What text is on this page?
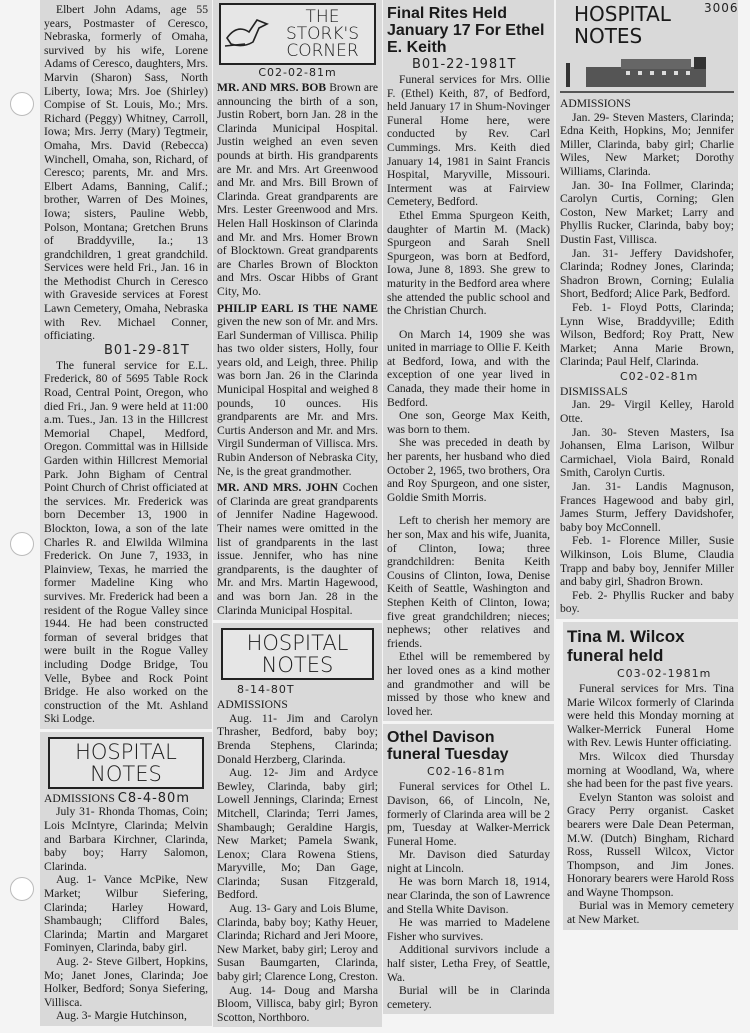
Elbert John Adams, age 55 years, Postmaster of Ceresco, Nebraska, formerly of Omaha, survived by his wife, Lorene Adams of Ceresco, daughters, Mrs. Marvin (Sharon) Sass, North Liberty, Iowa; Mrs. Joe (Shirley) Compise of St. Louis, Mo.; Mrs. Richard (Peggy) Whitney, Carroll, Iowa; Mrs. Jerry (Mary) Tegtmeir, Omaha, Mrs. David (Rebecca) Winchell, Omaha, son, Richard, of Ceresco; parents, Mr. and Mrs. Elbert Adams, Banning, Calif.; brother, Warren of Des Moines, Iowa; sisters, Pauline Webb, Polson, Montana; Gretchen Bruns of Braddyville, Ia.; 13 grandchildren, 1 great grandchild. Services were held Fri., Jan. 16 in the Methodist Church in Ceresco with Graveside services at Forest Lawn Cemetery, Omaha, Nebraska with Rev. Michael Conner, officiating.

B01-29-81T

The funeral service for E.L. Frederick, 80 of 5695 Table Rock Road, Central Point, Oregon, who died Fri., Jan. 9 were held at 11:00 a.m. Tues., Jan. 13 in the Hillcrest Memorial Chapel, Medford, Oregon. Committal was in Hillside Garden within Hillcrest Memorial Park. John Bigham of Central Point Church of Christ officiated at the services. Mr. Frederick was born December 13, 1900 in Blockton, Iowa, a son of the late Charles R. and Elwilda Wilmina Frederick. On June 7, 1933, in Plainview, Texas, he married the former Madeline King who survives. Mr. Frederick had been a resident of the Rogue Valley since 1944. He had been constructed forman of several bridges that were built in the Rogue Valley including Dodge Bridge, Tou Velle, Bybee and Rock Point Bridge. He also worked on the construction of the Mt. Ashland Ski Lodge.

HOSPITAL NOTES

ADMISSIONS C8-4-80m

July 31- Rhonda Thomas, Coin; Lois McIntyre, Clarinda; Melvin and Barbara Kirchner, Clarinda, baby boy; Harry Salomon, Clarinda.

Aug. 1- Vance McPike, New Market; Wilbur Siefering, Clarinda; Harley Howard, Shambaugh; Clifford Bales, Clarinda; Martin and Margaret Fominyen, Clarinda, baby girl.

Aug. 2- Steve Gilbert, Hopkins, Mo; Janet Jones, Clarinda; Joe Holker, Bedford; Sonya Siefering, Villisca.

Aug. 3- Margie Hutchinson,

THE STORK'S CORNER
C02-02-81m

MR. AND MRS. BOB Brown are announcing the birth of a son, Justin Robert, born Jan. 28 in the Clarinda Municipal Hospital. Justin weighed an even seven pounds at birth. His grandparents are Mr. and Mrs. Art Greenwood and Mr. and Mrs. Bill Brown of Clarinda. Great grandparents are Mrs. Lester Greenwood and Mrs. Helen Hall Hoskinson of Clarinda and Mr. and Mrs. Homer Brown of Blocktown. Great grandparents are Charles Brown of Blockton and Mrs. Oscar Hibbs of Grant City, Mo.

PHILIP EARL IS THE NAME given the new son of Mr. and Mrs. Earl Sunderman of Villisca. Philip has two older sisters, Holly, four years old, and Leigh, three. Philip was born Jan. 26 in the Clarinda Municipal Hospital and weighed 8 pounds, 10 ounces. His grandparents are Mr. and Mrs. Curtis Anderson and Mr. and Mrs. Virgil Sunderman of Villisca. Mrs. Rubin Anderson of Nebraska City, Ne, is the great grandmother.

MR. AND MRS. JOHN Cochen of Clarinda are great grandparents of Jennifer Nadine Hagewood. Their names were omitted in the list of grandparents in the last issue. Jennifer, who has nine grandparents, is the daughter of Mr. and Mrs. Martin Hagewood, and was born Jan. 28 in the Clarinda Municipal Hospital.

HOSPITAL NOTES
8-14-80T

ADMISSIONS

Aug. 11- Jim and Carolyn Thrasher, Bedford, baby boy; Brenda Stephens, Clarinda; Donald Herzberg, Clarinda.

Aug. 12- Jim and Ardyce Bewley, Clarinda, baby girl; Lowell Jennings, Clarinda; Ernest Mitchell, Clarinda; Terri James, Shambaugh; Geraldine Hargis, New Market; Pamela Swank, Lenox; Clara Rowena Stiens, Maryville, Mo; Dan Gage, Clarinda; Susan Fitzgerald, Bedford.

Aug. 13- Gary and Lois Blume, Clarinda, baby boy; Kathy Heuer, Clarinda; Richard and Jeri Moore, New Market, baby girl; Leroy and Susan Baumgarten, Clarinda, baby girl; Clarence Long, Creston.

Aug. 14- Doug and Marsha Bloom, Villisca, baby girl; Byron Scotton, Northboro.

Final Rites Held January 17 For Ethel E. Keith
B01-22-1981T

Funeral services for Mrs. Ollie F. (Ethel) Keith, 87, of Bedford, held January 17 in Shum-Novinger Funeral Home here, were conducted by Rev. Carl Cummings. Mrs. Keith died January 14, 1981 in Saint Francis Hospital, Maryville, Missouri. Interment was at Fairview Cemetery, Bedford.

Ethel Emma Spurgeon Keith, daughter of Martin M. (Mack) Spurgeon and Sarah Snell Spurgeon, was born at Bedford, Iowa, June 8, 1893. She grew to maturity in the Bedford area where she attended the public school and the Christian Church.

On March 14, 1909 she was united in marriage to Ollie F. Keith at Bedford, Iowa, and with the exception of one year lived in Canada, they made their home in Bedford.

One son, George Max Keith, was born to them.

She was preceded in death by her parents, her husband who died October 2, 1965, two brothers, Ora and Roy Spurgeon, and one sister, Goldie Smith Morris.

Left to cherish her memory are her son, Max and his wife, Juanita, of Clinton, Iowa; three grandchildren: Benita Keith Cousins of Clinton, Iowa, Denise Keith of Seattle, Washington and Stephen Keith of Clinton, Iowa; five great grandchildren; nieces; nephews; other relatives and friends.

Ethel will be remembered by her loved ones as a kind mother and grandmother and will be missed by those who knew and loved her.

Othel Davison funeral Tuesday
C02-16-81m

Funeral services for Othel L. Davison, 66, of Lincoln, Ne, formerly of Clarinda area will be 2 pm, Tuesday at Walker-Merrick Funeral Home.

Mr. Davison died Saturday night at Lincoln.

He was born March 18, 1914, near Clarinda, the son of Lawrence and Stella White Davison.

He was married to Madelene Fisher who survives.

Additional survivors include a half sister, Letha Frey, of Seattle, Wa.

Burial will be in Clarinda cemetery.

HOSPITAL NOTES

ADMISSIONS

Jan. 29- Steven Masters, Clarinda; Edna Keith, Hopkins, Mo; Jennifer Miller, Clarinda, baby girl; Charlie Wiles, New Market; Dorothy Williams, Clarinda.

Jan. 30- Ina Follmer, Clarinda; Carolyn Curtis, Corning; Glen Coston, New Market; Larry and Phyllis Rucker, Clarinda, baby boy; Dustin Fast, Villisca.

Jan. 31- Jeffery Davidshofer, Clarinda; Rodney Jones, Clarinda; Shadron Brown, Corning; Eulalia Short, Bedford; Alice Park, Bedford.

Feb. 1- Floyd Potts, Clarinda; Lynn Wise, Braddyville; Edith Wilson, Bedford; Roy Pratt, New Market; Anna Marie Brown, Clarinda; Paul Helf, Clarinda.

C02-02-81m

DISMISSALS

Jan. 29- Virgil Kelley, Harold Otte.

Jan. 30- Steven Masters, Isa Johansen, Elma Larison, Wilbur Carmichael, Viola Baird, Ronald Smith, Carolyn Curtis.

Jan. 31- Landis Magnuson, Frances Hagewood and baby girl, James Sturm, Jeffery Davidshofer, baby boy McConnell.

Feb. 1- Florence Miller, Susie Wilkinson, Lois Blume, Claudia Trapp and baby boy, Jennifer Miller and baby girl, Shadron Brown.

Feb. 2- Phyllis Rucker and baby boy.

Tina M. Wilcox funeral held
C03-02-1981m

Funeral services for Mrs. Tina Marie Wilcox formerly of Clarinda were held this Monday morning at Walker-Merrick Funeral Home with Rev. Lewis Hunter officiating.

Mrs. Wilcox died Thursday morning at Woodland, Wa, where she had been for the past five years.

Evelyn Stanton was soloist and Gracy Perry organist. Casket bearers were Dale Dean Peterman, M.W. (Dutch) Bingham, Richard Ross, Russell Wilcox, Victor Thompson, and Jim Jones. Honorary bearers were Harold Ross and Wayne Thompson.

Burial was in Memory cemetery at New Market.

3006
